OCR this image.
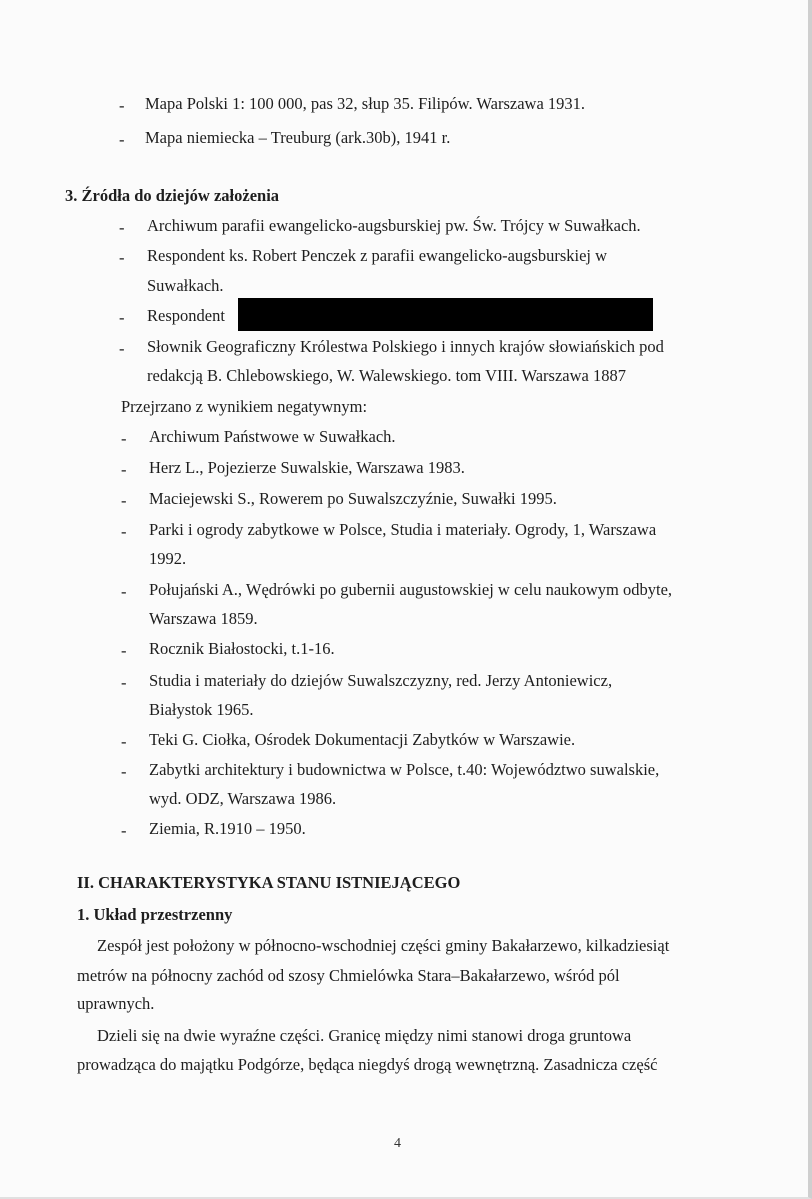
- Mapa Polski 1: 100 000, pas 32, słup 35. Filipów. Warszawa 1931.
- Mapa niemiecka – Treuburg (ark.30b), 1941 r.
3. Źródła do dziejów założenia
- Archiwum parafii ewangelicko-augsburskiej pw. Św. Trójcy w Suwałkach.
- Respondent ks. Robert Penczek z parafii ewangelicko-augsburskiej w
Suwałkach.
- Respondent
- Słownik Geograficzny Królestwa Polskiego i innych krajów słowiańskich pod
redakcją B. Chlebowskiego, W. Walewskiego. tom VIII. Warszawa 1887
Przejrzano z wynikiem negatywnym:
- Archiwum Państwowe w Suwałkach.
- Herz L., Pojezierze Suwalskie, Warszawa 1983.
- Maciejewski S., Rowerem po Suwalszczyźnie, Suwałki 1995.
- Parki i ogrody zabytkowe w Polsce, Studia i materiały. Ogrody, 1, Warszawa
1992.
- Połujański A., Wędrówki po gubernii augustowskiej w celu naukowym odbyte,
Warszawa 1859.
- Rocznik Białostocki, t.1-16.
- Studia i materiały do dziejów Suwalszczyzny, red. Jerzy Antoniewicz,
Białystok 1965.
- Teki G. Ciołka, Ośrodek Dokumentacji Zabytków w Warszawie.
- Zabytki architektury i budownictwa w Polsce, t.40: Województwo suwalskie,
wyd. ODZ, Warszawa 1986.
- Ziemia, R.1910 – 1950.
II. CHARAKTERYSTYKA STANU ISTNIEJĄCEGO
1. Układ przestrzenny
Zespół jest położony w północno-wschodniej części gminy Bakałarzewo, kilkadziesiąt
metrów na północny zachód od szosy Chmielówka Stara–Bakałarzewo, wśród pól
uprawnych.
Dzieli się na dwie wyraźne części. Granicę między nimi stanowi droga gruntowa
prowadząca do majątku Podgórze, będąca niegdyś drogą wewnętrzną. Zasadnicza część
4
